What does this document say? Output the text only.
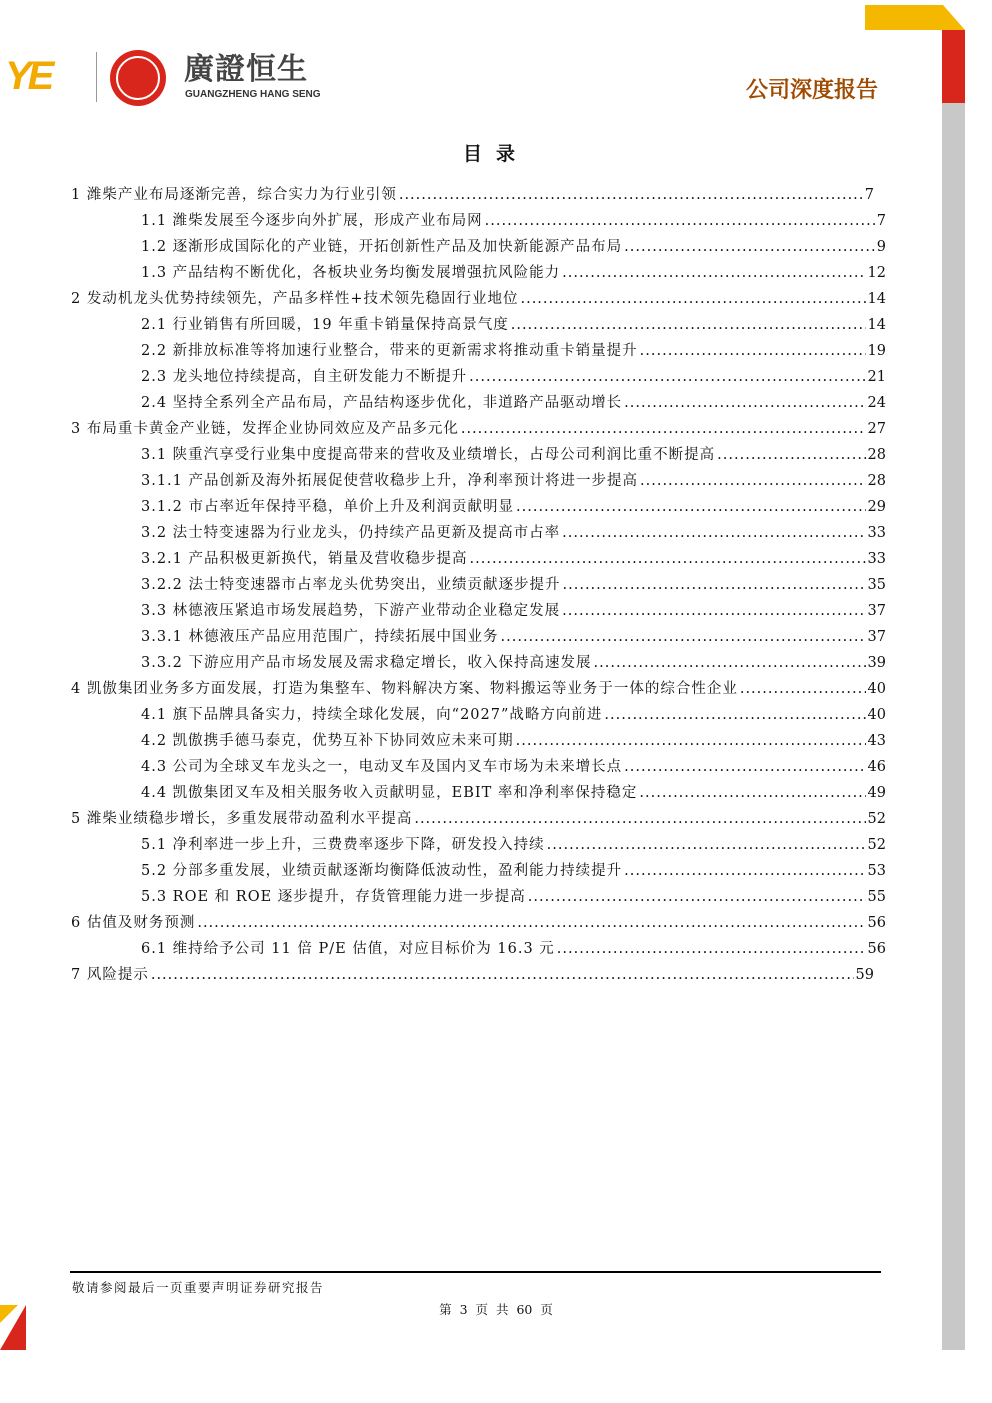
YE	廣證恒生
GUANGZHENG HANG SENG	公司深度报告
目录
1 潍柴产业布局逐渐完善，综合实力为行业引领 .....	7
1.1 潍柴发展至今逐步向外扩展，形成产业布局网 .....	7
1.2 逐渐形成国际化的产业链，开拓创新性产品及加快新能源产品布局 .....	9
1.3 产品结构不断优化，各板块业务均衡发展增强抗风险能力 .....	12
2 发动机龙头优势持续领先，产品多样性+技术领先稳固行业地位 .....	14
2.1 行业销售有所回暖，19 年重卡销量保持高景气度 .....	14
2.2 新排放标准等将加速行业整合，带来的更新需求将推动重卡销量提升 .....	19
2.3 龙头地位持续提高，自主研发能力不断提升 .....	21
2.4 坚持全系列全产品布局，产品结构逐步优化，非道路产品驱动增长 .....	24
3 布局重卡黄金产业链，发挥企业协同效应及产品多元化 .....	27
3.1 陕重汽享受行业集中度提高带来的营收及业绩增长，占母公司利润比重不断提高 .....	28
3.1.1 产品创新及海外拓展促使营收稳步上升，净利率预计将进一步提高 .....	28
3.1.2 市占率近年保持平稳，单价上升及利润贡献明显 .....	29
3.2 法士特变速器为行业龙头，仍持续产品更新及提高市占率 .....	33
3.2.1 产品积极更新换代，销量及营收稳步提高 .....	33
3.2.2 法士特变速器市占率龙头优势突出，业绩贡献逐步提升 .....	35
3.3 林德液压紧追市场发展趋势，下游产业带动企业稳定发展 .....	37
3.3.1 林德液压产品应用范围广，持续拓展中国业务 .....	37
3.3.2 下游应用产品市场发展及需求稳定增长，收入保持高速发展 .....	39
4 凯傲集团业务多方面发展，打造为集整车、物料解决方案、物料搬运等业务于一体的综合性企业 .....	40
4.1 旗下品牌具备实力，持续全球化发展，向“2027”战略方向前进 .....	40
4.2 凯傲携手德马泰克，优势互补下协同效应未来可期 .....	43
4.3 公司为全球叉车龙头之一，电动叉车及国内叉车市场为未来增长点 .....	46
4.4 凯傲集团叉车及相关服务收入贡献明显，EBIT 率和净利率保持稳定 .....	49
5 潍柴业绩稳步增长，多重发展带动盈利水平提高 .....	52
5.1 净利率进一步上升，三费费率逐步下降，研发投入持续 .....	52
5.2 分部多重发展，业绩贡献逐渐均衡降低波动性，盈利能力持续提升 .....	53
5.3 ROE 和 ROE 逐步提升，存货管理能力进一步提高 .....	55
6 估值及财务预测 .....	56
6.1 维持给予公司 11 倍 P/E 估值，对应目标价为 16.3 元 .....	56
7 风险提示 .....	59
敬请参阅最后一页重要声明证券研究报告
第 3 页 共 60 页
